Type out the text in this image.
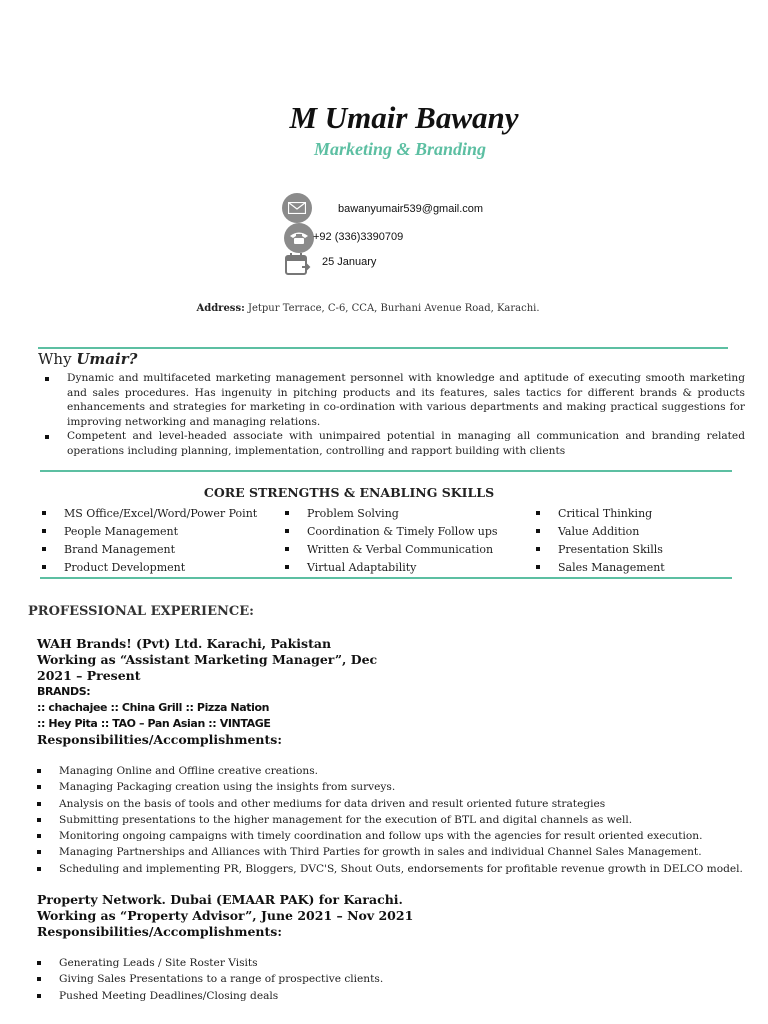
M Umair Bawany
Marketing & Branding
bawanyumair539@gmail.com
+92 (336)3390709
25 January
Address: Jetpur Terrace, C-6, CCA, Burhani Avenue Road, Karachi.
Why Umair?
Dynamic and multifaceted marketing management personnel with knowledge and aptitude of executing smooth marketing and sales procedures. Has ingenuity in pitching products and its features, sales tactics for different brands & products enhancements and strategies for marketing in co-ordination with various departments and making practical suggestions for improving networking and managing relations.
Competent and level-headed associate with unimpaired potential in managing all communication and branding related operations including planning, implementation, controlling and rapport building with clients
CORE STRENGTHS & ENABLING SKILLS
MS Office/Excel/Word/Power Point
People Management
Brand Management
Product Development
Problem Solving
Coordination & Timely Follow ups
Written & Verbal Communication
Virtual Adaptability
Critical Thinking
Value Addition
Presentation Skills
Sales Management
PROFESSIONAL EXPERIENCE:
WAH Brands! (Pvt) Ltd. Karachi, Pakistan
Working as “Assistant Marketing Manager”, Dec
2021 – Present
BRANDS:
:: chachajee :: China Grill :: Pizza Nation
:: Hey Pita :: TAO – Pan Asian :: VINTAGE
Responsibilities/Accomplishments:
Managing Online and Offline creative creations.
Managing Packaging creation using the insights from surveys.
Analysis on the basis of tools and other mediums for data driven and result oriented future strategies
Submitting presentations to the higher management for the execution of BTL and digital channels as well.
Monitoring ongoing campaigns with timely coordination and follow ups with the agencies for result oriented execution.
Managing Partnerships and Alliances with Third Parties for growth in sales and individual Channel Sales Management.
Scheduling and implementing PR, Bloggers, DVC'S, Shout Outs, endorsements for profitable revenue growth in DELCO model.
Property Network. Dubai (EMAAR PAK) for Karachi.
Working as “Property Advisor”, June 2021 – Nov 2021
Responsibilities/Accomplishments:
Generating Leads / Site Roster Visits
Giving Sales Presentations to a range of prospective clients.
Pushed Meeting Deadlines/Closing deals
